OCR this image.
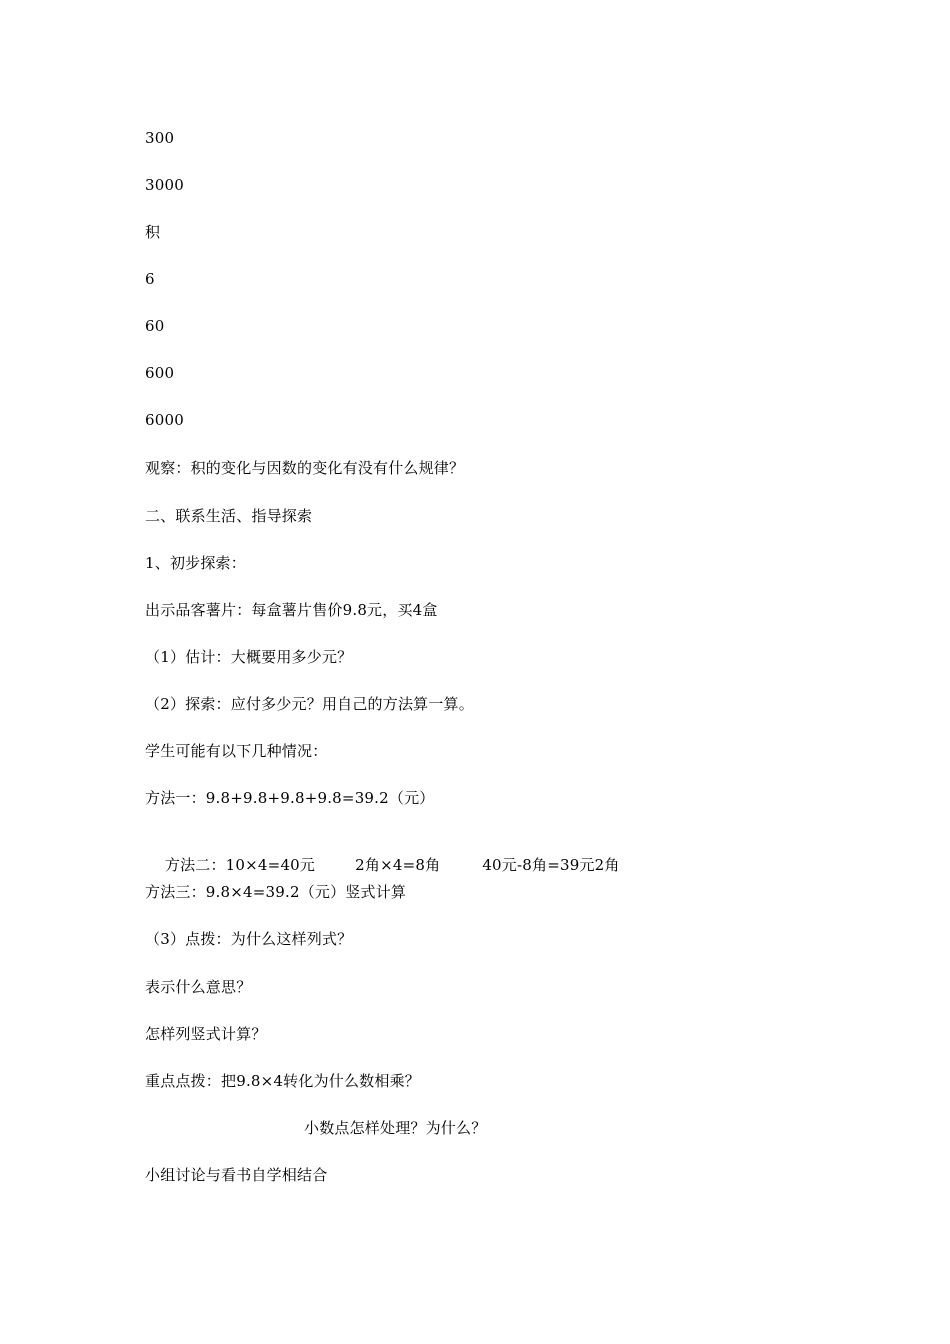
300
3000
积
6
60
600
6000
观察：积的变化与因数的变化有没有什么规律？
二、联系生活、指导探索
1、初步探索：
出示品客薯片：每盒薯片售价9.8元，买4盒
（1）估计：大概要用多少元？
（2）探索：应付多少元？用自己的方法算一算。
学生可能有以下几种情况：
方法一：9.8+9.8+9.8+9.8=39.2（元）

方法二：10×4=40元	2角×4=8角	40元-8角=39元2角

方法三：9.8×4=39.2（元）竖式计算
（3）点拨：为什么这样列式？
表示什么意思？
怎样列竖式计算？
重点点拨：把9.8×4转化为什么数相乘？
小数点怎样处理？为什么？
小组讨论与看书自学相结合
